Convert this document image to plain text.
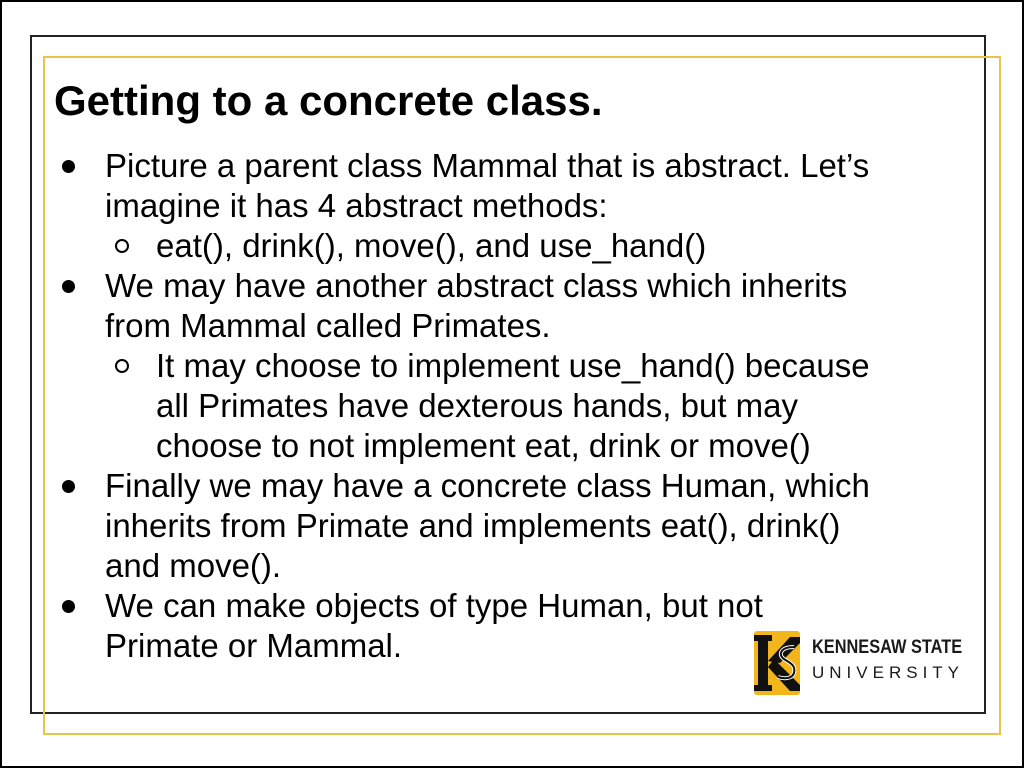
Getting to a concrete class.
Picture a parent class Mammal that is abstract. Let’s
imagine it has 4 abstract methods:
eat(), drink(), move(), and use_hand()
We may have another abstract class which inherits
from Mammal called Primates.
It may choose to implement use_hand() because
all Primates have dexterous hands, but may
choose to not implement eat, drink or move()
Finally we may have a concrete class Human, which
inherits from Primate and implements eat(), drink()
and move().
We can make objects of type Human, but not
Primate or Mammal.	KENNESAW STATE
UNIVERSITY
